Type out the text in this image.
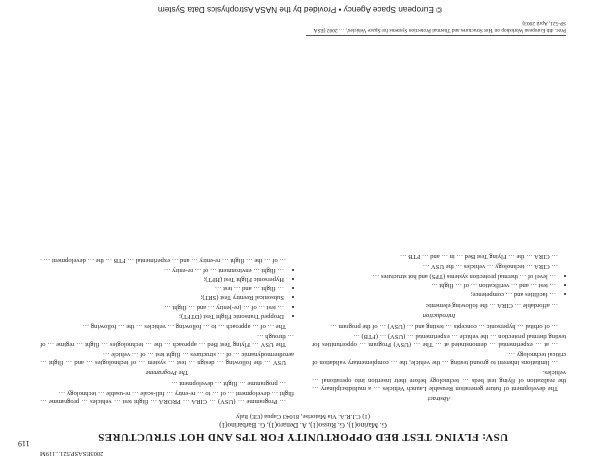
2003ESASP.521...119M
119
USV: FLYING TEST BED OPPORTUNITY FOR TPS AND HOT STRUCTURES

G. Marino(1), G. Russo(1), A. Denaro(1), G. Barbarino(1)

(1) C.I.R.A. Via Maiorise, 81043 Capua (CE) Italy

Abstract

The development of future generation Reusable Launch Vehicles … a multidisciplinary … the realization of flying test beds … technology before their insertion into operational … vehicles.

… limitations inherent to ground testing … the vehicle, the … complementary validation of critical technology …

… at … experimental … demonstrated at … The … (USV) Program … opportunities for testing thermal protection … the vehicle … experimental … (USV) … (FTB) …

… of orbital … hypersonic … concepts … testing and … (USV) … of the program …

Introduction

… affordable … CIRA … the following elements:

• … facilities and … competence;
• … test … and … verification … of … flight …
• … level of … thermal protection systems (TPS) and hot structures …

… CIRA … technology … vehicles … the USV …

… CIRA … the … Flying Test Bed … in … and … FTB …

… Programme … (USV) … CIRA … PRORA … flight test … vehicles … programme … flight … development … of … to … re-entry … full-scale … re-usable … technology …

… programme … flight … development …

The Programme

USV … the following … design … test … system … of technologies … and … flight … aerothermodynamic … of … structures … flight test … of … vehicle …

The USV … Flying Test Bed … approach … the … technologies … flight … regime … of … through …

The … of … approach … to … following … vehicles … the … following …

• Dropped Transonic Flight Test (DTFT);
• … test … of … (re-)entry … and … flight …
• Subsonical Reentry Test (SRT);
• … flight … and … test …
• Hypersonic Flight Test (HFT);
• … flight … environment … of … re-entry …

… of … the … flight … re-entry … and … experimental … FTB … the … development … .

Proc. 4th European Workshop on 'Hot Structures and Thermal Protection Systems for Space Vehicles', … 2002 (ESA SP-521, April 2003)
© European Space Agency • Provided by the NASA Astrophysics Data System
